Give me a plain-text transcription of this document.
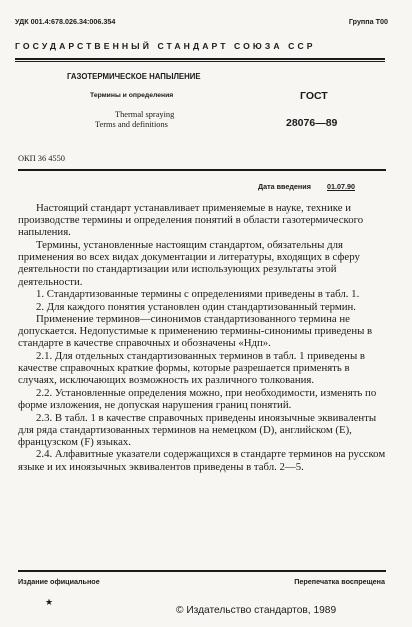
УДК 001.4:678.026.34:006.354	Группа Т00
ГОСУДАРСТВЕННЫЙ СТАНДАРТ СОЮЗА ССР
ГАЗОТЕРМИЧЕСКОЕ НАПЫЛЕНИЕ
Термины и определения
Thermal spraying
Terms and definitions
ГОСТ
28076—89
ОКП 36 4550
Дата введения 01.07.90

Настоящий стандарт устанавливает применяемые в науке, технике и производстве термины и определения понятий в области газотермического напыления.

Термины, установленные настоящим стандартом, обязательны для применения во всех видах документации и литературы, входящих в сферу деятельности по стандартизации или использующих результаты этой деятельности.

1. Стандартизованные термины с определениями приведены в табл. 1.

2. Для каждого понятия установлен один стандартизованный термин.

Применение терминов—синонимов стандартизованного термина не допускается. Недопустимые к применению термины-синонимы приведены в стандарте в качестве справочных и обозначены «Ндп».

2.1. Для отдельных стандартизованных терминов в табл. 1 приведены в качестве справочных краткие формы, которые разрешается применять в случаях, исключающих возможность их различного толкования.

2.2. Установленные определения можно, при необходимости, изменять по форме изложения, не допуская нарушения границ понятий.

2.3. В табл. 1 в качестве справочных приведены иноязычные эквиваленты для ряда стандартизованных терминов на немецком (D), английском (E), французском (F) языках.

2.4. Алфавитные указатели содержащихся в стандарте терминов на русском языке и их иноязычных эквивалентов приведены в табл. 2—5.

Издание официальное	Перепечатка воспрещена
★
© Издательство стандартов, 1989
